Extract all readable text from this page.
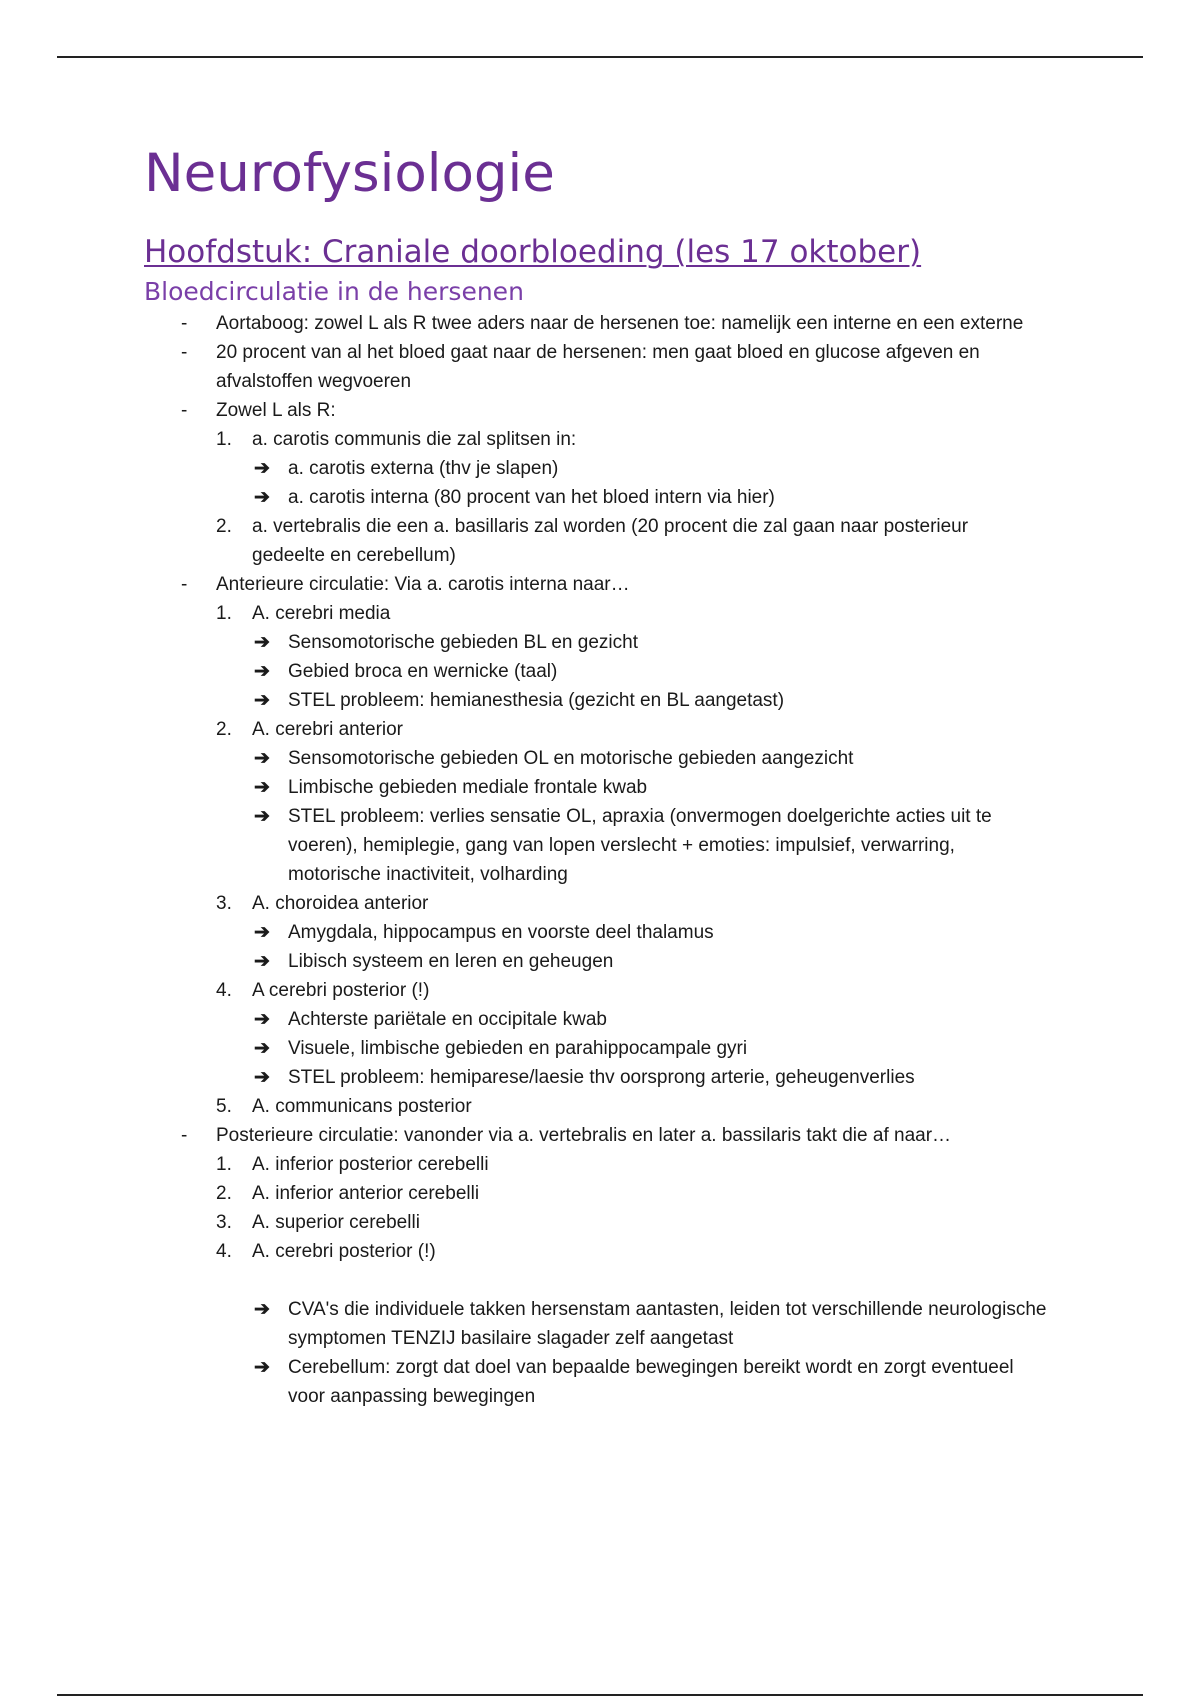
Neurofysiologie
Hoofdstuk: Craniale doorbloeding (les 17 oktober)
Bloedcirculatie in de hersenen
- Aortaboog: zowel L als R twee aders naar de hersenen toe: namelijk een interne en een externe
- 20 procent van al het bloed gaat naar de hersenen: men gaat bloed en glucose afgeven en afvalstoffen wegvoeren
- Zowel L als R:
1. a. carotis communis die zal splitsen in:
➔ a. carotis externa (thv je slapen)
➔ a. carotis interna (80 procent van het bloed intern via hier)
2. a. vertebralis die een a. basillaris zal worden (20 procent die zal gaan naar posterieur gedeelte en cerebellum)
- Anterieure circulatie: Via a. carotis interna naar…
1. A. cerebri media
➔ Sensomotorische gebieden BL en gezicht
➔ Gebied broca en wernicke (taal)
➔ STEL probleem: hemianesthesia (gezicht en BL aangetast)
2. A. cerebri anterior
➔ Sensomotorische gebieden OL en motorische gebieden aangezicht
➔ Limbische gebieden mediale frontale kwab
➔ STEL probleem: verlies sensatie OL, apraxia (onvermogen doelgerichte acties uit te voeren), hemiplegie, gang van lopen verslecht + emoties: impulsief, verwarring, motorische inactiviteit, volharding
3. A. choroidea anterior
➔ Amygdala, hippocampus en voorste deel thalamus
➔ Libisch systeem en leren en geheugen
4. A cerebri posterior (!)
➔ Achterste pariëtale en occipitale kwab
➔ Visuele, limbische gebieden en parahippocampale gyri
➔ STEL probleem: hemiparese/laesie thv oorsprong arterie, geheugenverlies
5. A. communicans posterior
- Posterieure circulatie: vanonder via a. vertebralis en later a. bassilaris takt die af naar…
1. A. inferior posterior cerebelli
2. A. inferior anterior cerebelli
3. A. superior cerebelli
4. A. cerebri posterior (!)
➔ CVA's die individuele takken hersenstam aantasten, leiden tot verschillende neurologische symptomen TENZIJ basilaire slagader zelf aangetast
➔ Cerebellum: zorgt dat doel van bepaalde bewegingen bereikt wordt en zorgt eventueel voor aanpassing bewegingen
